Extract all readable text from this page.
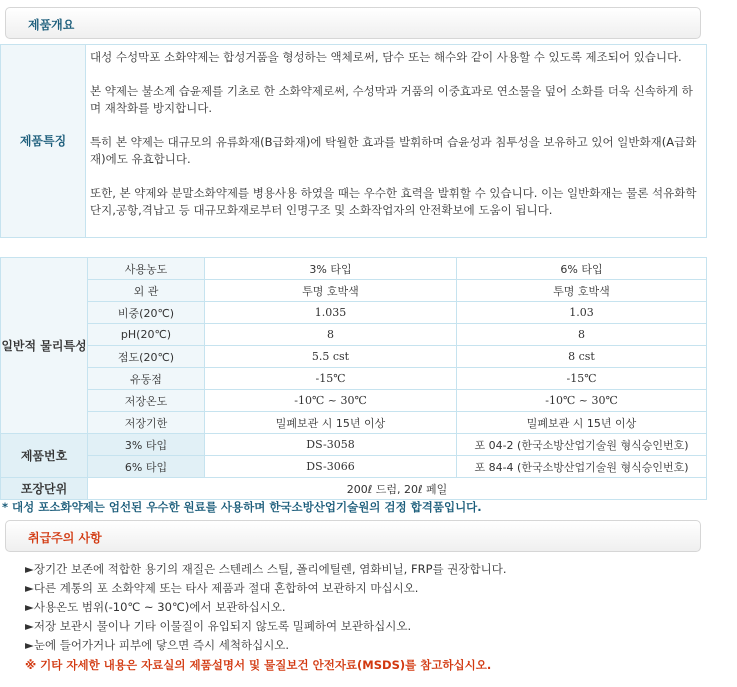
제품개요
제품특징	

대성 수성막포 소화약제는 합성거품을 형성하는 액체로써, 담수 또는 해수와 같이 사용할 수 있도록 제조되어 있습니다.

본 약제는 불소계 습윤제를 기초로 한 소화약제로써, 수성막과 거품의 이중효과로 연소물을 덮어 소화를 더욱 신속하게 하며 재착화를 방지합니다.

특히 본 약제는 대규모의 유류화재(B급화재)에 탁월한 효과를 발휘하며 습윤성과 침투성을 보유하고 있어 일반화재(A급화재)에도 유효합니다.

또한, 본 약제와 분말소화약제를 병용사용 하였을 때는 우수한 효력을 발휘할 수 있습니다. 이는 일반화재는 물론 석유화학단지,공항,격납고 등 대규모화재로부터 인명구조 및 소화작업자의 안전확보에 도움이 됩니다.

일반적 물리특성	사용농도	3% 타입	6% 타입
	외 관	투명 호박색	투명 호박색
	비중(20℃)	1.035	1.03
	pH(20℃)	8	8
	점도(20℃)	5.5 cst	8 cst
	유동점	-15℃	-15℃
	저장온도	-10℃ ~ 30℃	-10℃ ~ 30℃
	저장기한	밀폐보관 시 15년 이상	밀폐보관 시 15년 이상
제품번호	3% 타입	DS-3058	포 04-2 (한국소방산업기술원 형식승인번호)
	6% 타입	DS-3066	포 84-4 (한국소방산업기술원 형식승인번호)
포장단위	200ℓ 드럼, 20ℓ 페일		
* 대성 포소화약제는 엄선된 우수한 원료를 사용하며 한국소방산업기술원의 검정 합격품입니다.
취급주의 사항
►장기간 보존에 적합한 용기의 재질은 스텐레스 스틸, 폴리에틸렌, 염화비닐, FRP를 권장합니다.
►다른 계통의 포 소화약제 또는 타사 제품과 절대 혼합하여 보관하지 마십시오.
►사용온도 범위(-10℃ ~ 30℃)에서 보관하십시오.
►저장 보관시 물이나 기타 이물질이 유입되지 않도록 밀폐하여 보관하십시오.
►눈에 들어가거나 피부에 닿으면 즉시 세척하십시오.
※ 기타 자세한 내용은 자료실의 제품설명서 및 물질보건 안전자료(MSDS)를 참고하십시오.
